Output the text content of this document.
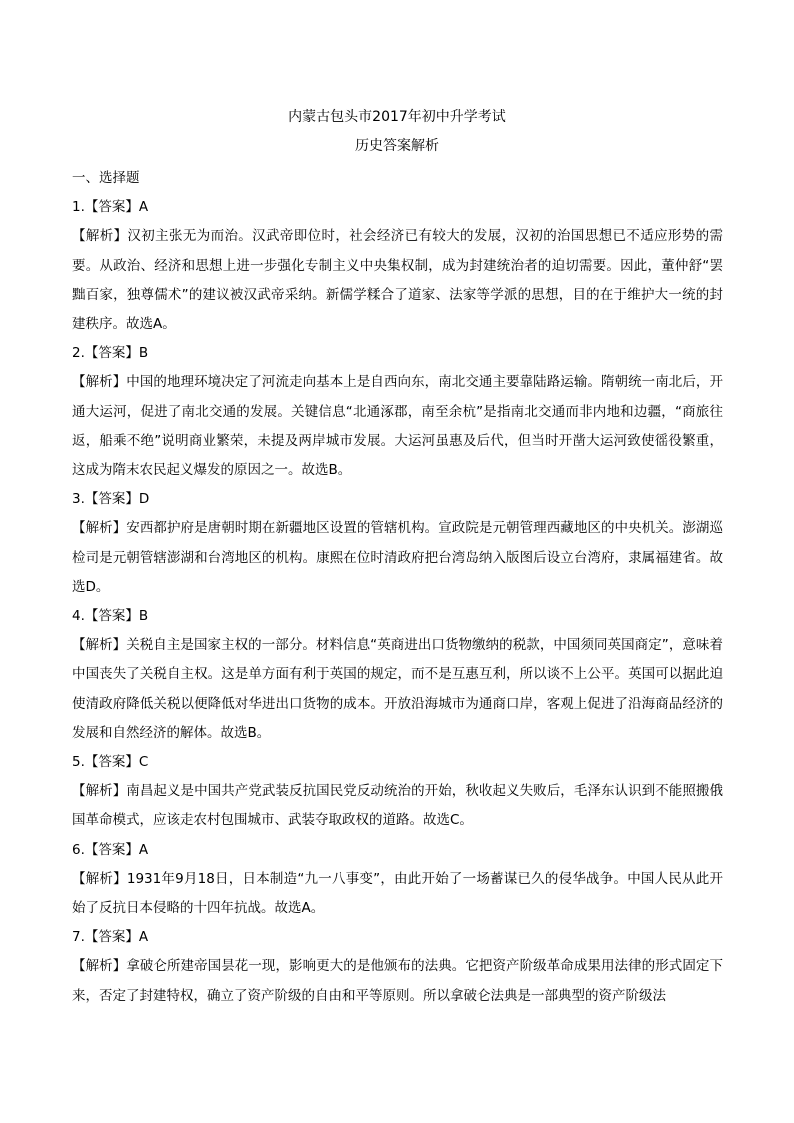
内蒙古包头市2017年初中升学考试
历史答案解析

一、选择题

1.【答案】A

【解析】汉初主张无为而治。汉武帝即位时，社会经济已有较大的发展，汉初的治国思想已不适应形势的需要。从政治、经济和思想上进一步强化专制主义中央集权制，成为封建统治者的迫切需要。因此，董仲舒“罢黜百家，独尊儒术”的建议被汉武帝采纳。新儒学糅合了道家、法家等学派的思想，目的在于维护大一统的封建秩序。故选A。

2.【答案】B

【解析】中国的地理环境决定了河流走向基本上是自西向东，南北交通主要靠陆路运输。隋朝统一南北后，开通大运河，促进了南北交通的发展。关键信息“北通涿郡，南至余杭”是指南北交通而非内地和边疆，“商旅往返，船乘不绝”说明商业繁荣，未提及两岸城市发展。大运河虽惠及后代，但当时开凿大运河致使徭役繁重，这成为隋末农民起义爆发的原因之一。故选B。

3.【答案】D

【解析】安西都护府是唐朝时期在新疆地区设置的管辖机构。宣政院是元朝管理西藏地区的中央机关。澎湖巡检司是元朝管辖澎湖和台湾地区的机构。康熙在位时清政府把台湾岛纳入版图后设立台湾府，隶属福建省。故选D。

4.【答案】B

【解析】关税自主是国家主权的一部分。材料信息“英商进出口货物缴纳的税款，中国须同英国商定”，意味着中国丧失了关税自主权。这是单方面有利于英国的规定，而不是互惠互利，所以谈不上公平。英国可以据此迫使清政府降低关税以便降低对华进出口货物的成本。开放沿海城市为通商口岸，客观上促进了沿海商品经济的发展和自然经济的解体。故选B。

5.【答案】C

【解析】南昌起义是中国共产党武装反抗国民党反动统治的开始，秋收起义失败后，毛泽东认识到不能照搬俄国革命模式，应该走农村包围城市、武装夺取政权的道路。故选C。

6.【答案】A

【解析】1931年9月18日，日本制造“九一八事变”，由此开始了一场蓄谋已久的侵华战争。中国人民从此开始了反抗日本侵略的十四年抗战。故选A。

7.【答案】A

【解析】拿破仑所建帝国昙花一现，影响更大的是他颁布的法典。它把资产阶级革命成果用法律的形式固定下来，否定了封建特权，确立了资产阶级的自由和平等原则。所以拿破仑法典是一部典型的资产阶级法
